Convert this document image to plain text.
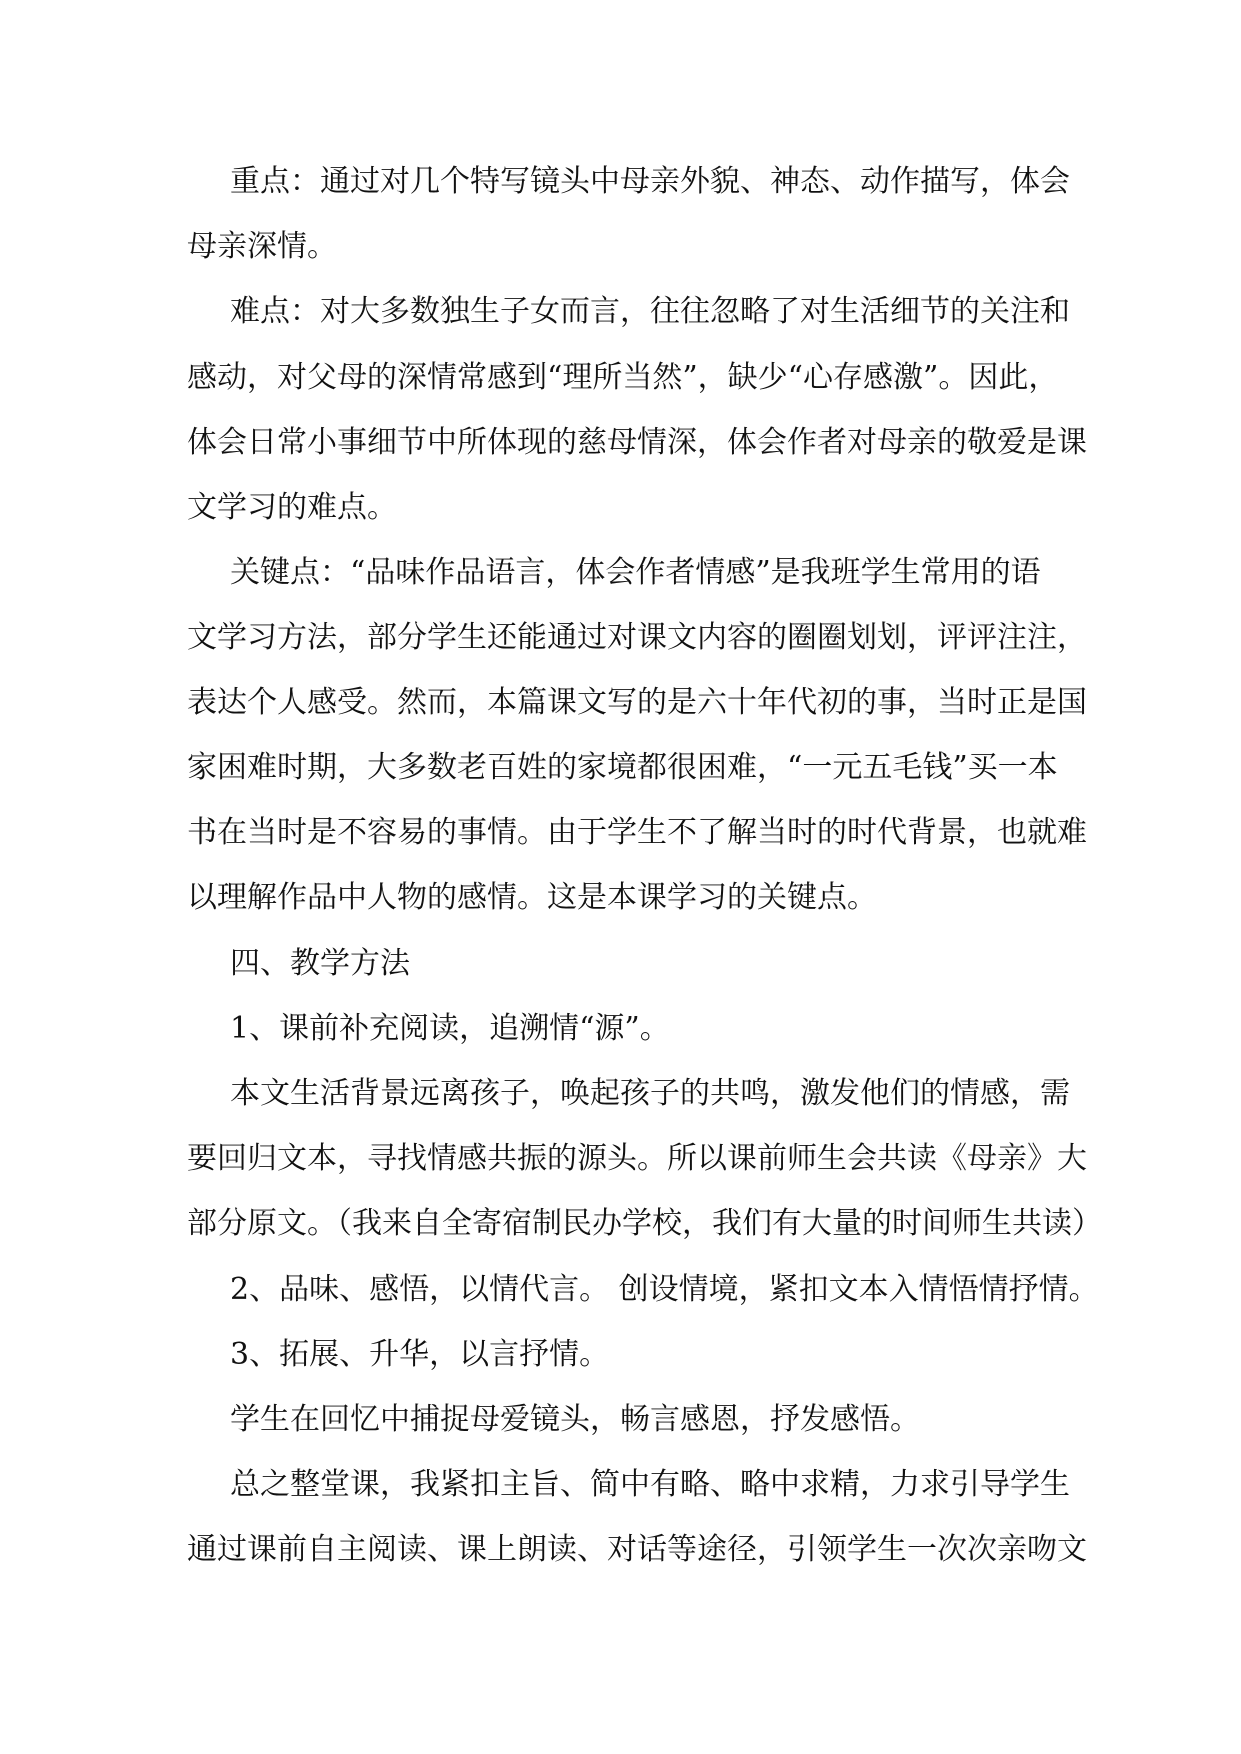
重点：通过对几个特写镜头中母亲外貌、神态、动作描写，体会
母亲深情。
难点：对大多数独生子女而言，往往忽略了对生活细节的关注和
感动，对父母的深情常感到“理所当然”，缺少“心存感激”。因此，
体会日常小事细节中所体现的慈母情深，体会作者对母亲的敬爱是课
文学习的难点。
关键点：“品味作品语言，体会作者情感”是我班学生常用的语
文学习方法，部分学生还能通过对课文内容的圈圈划划，评评注注，
表达个人感受。然而，本篇课文写的是六十年代初的事，当时正是国
家困难时期，大多数老百姓的家境都很困难，“一元五毛钱”买一本
书在当时是不容易的事情。由于学生不了解当时的时代背景，也就难
以理解作品中人物的感情。这是本课学习的关键点。
四、教学方法
1、课前补充阅读，追溯情“源”。
本文生活背景远离孩子，唤起孩子的共鸣，激发他们的情感，需
要回归文本，寻找情感共振的源头。所以课前师生会共读《母亲》大
部分原文。（我来自全寄宿制民办学校，我们有大量的时间师生共读）
2、品味、感悟，以情代言。 创设情境，紧扣文本入情悟情抒情。
3、拓展、升华，以言抒情。
学生在回忆中捕捉母爱镜头，畅言感恩，抒发感悟。
总之整堂课，我紧扣主旨、简中有略、略中求精，力求引导学生
通过课前自主阅读、课上朗读、对话等途径，引领学生一次次亲吻文
